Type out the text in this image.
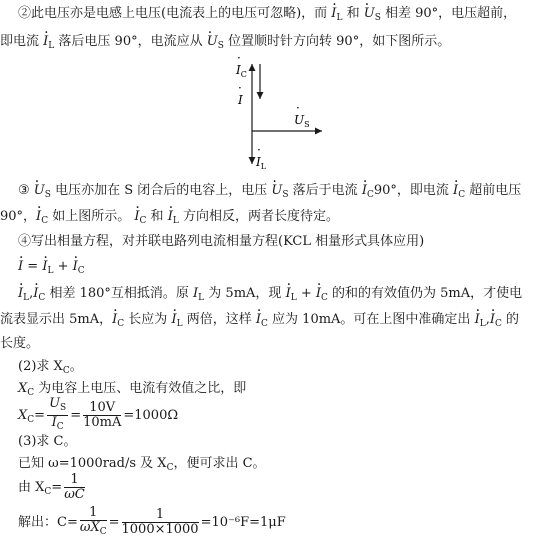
②此电压亦是电感上电压(电流表上的电压可忽略)，而 · $I_L$ 和 · $U_S$ 相差 90°，电压超前，
即电流 · $I_L$ 落后电压 90°，电流应从 · $U_S$ 位置顺时针方向转 90°，如下图所示。
$I_C$
·
I
·
$U_S$
·
$I_L$
·
③ · $U_S$ 电压亦加在 S 闭合后的电容上，电压 · $U_S$ 落后于电流 · $I_C90^\circ$，即电流 · $I_C$ 超前电压
90°，· $I_C$ 如上图所示。 · $I_C$ 和 · $I_L$ 方向相反，两者长度待定。
④写出相量方程，对并联电路列电流相量方程(KCL 相量形式具体应用)
· I = · $I_L$ + · $I_C$
· $I_L,\cdot I_C$ 相差 180°互相抵消。原 $I_L$ 为 5mA，现 · $I_L$ + · $I_C$ 的和的有效值仍为 5mA，才使电
流表显示出 5mA，· $I_C$ 长应为 · $I_L$ 两倍，这样 · $I_C$ 应为 10mA。可在上图中准确定出 · $I_L,\cdot I_C$ 的
长度。
(2)求 $X_C$。
$X_C$ 为电容上电压、电流有效值之比，即
$X_C= \frac{U_S}{I_C} = \frac{10V}{10mA} =1000\Omega$
(3)求 C。
已知 ω=1000rad/s 及 $X_C$，便可求出 C。
由 $X_C= \frac{1}{\omega C}$
解出：$C= \frac{1}{\omega X_C} = \frac{1}{1000\times 1000} =10^{-6}F=1\mu F$
